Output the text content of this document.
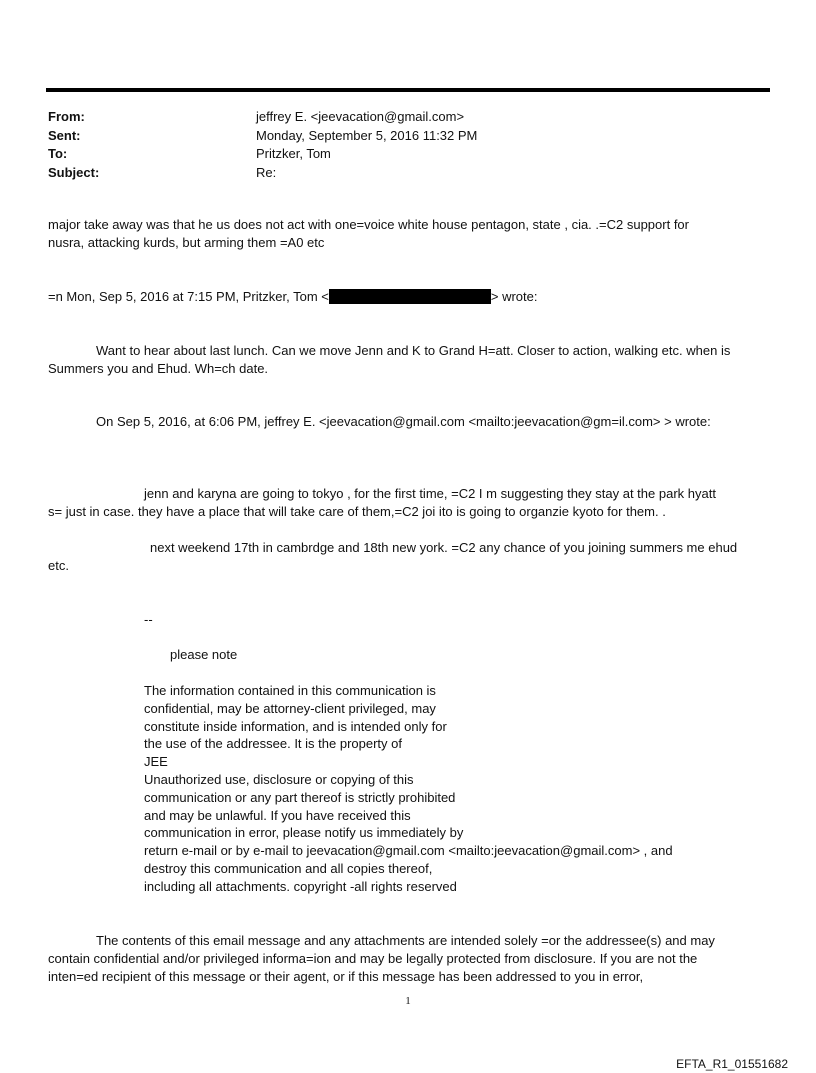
From:	jeffrey E. <jeevacation@gmail.com>
Sent:	Monday, September 5, 2016 11:32 PM
To:	Pritzker, Tom
Subject:	Re:
major take away was that he us does not act with one=voice white house pentagon, state , cia. .=C2 support for
nusra, attacking kurds, but arming them =A0 etc
=n Mon, Sep 5, 2016 at 7:15 PM, Pritzker, Tom <	> wrote:
Want to hear about last lunch. Can we move Jenn and K to Grand H=att. Closer to action, walking etc. when is
Summers you and Ehud. Wh=ch date.
On Sep 5, 2016, at 6:06 PM, jeffrey E. <jeevacation@gmail.com <mailto:jeevacation@gm=il.com> > wrote:
jenn and karyna are going to tokyo , for the first time, =C2 I m suggesting they stay at the park hyatt
s= just in case. they have a place that will take care of them,=C2 joi ito is going to organzie kyoto for them. .
next weekend 17th in cambrdge and 18th new york. =C2 any chance of you joining summers me ehud
etc.
--
please note
The information contained in this communication is
confidential, may be attorney-client privileged, may
constitute inside information, and is intended only for
the use of the addressee. It is the property of
JEE
Unauthorized use, disclosure or copying of this
communication or any part thereof is strictly prohibited
and may be unlawful. If you have received this
communication in error, please notify us immediately by
return e-mail or by e-mail to jeevacation@gmail.com <mailto:jeevacation@gmail.com> , and
destroy this communication and all copies thereof,
including all attachments. copyright -all rights reserved
The contents of this email message and any attachments are intended solely =or the addressee(s) and may
contain confidential and/or privileged informa=ion and may be legally protected from disclosure. If you are not the
inten=ed recipient of this message or their agent, or if this message has been addressed to you in error,
1
EFTA_R1_01551682
